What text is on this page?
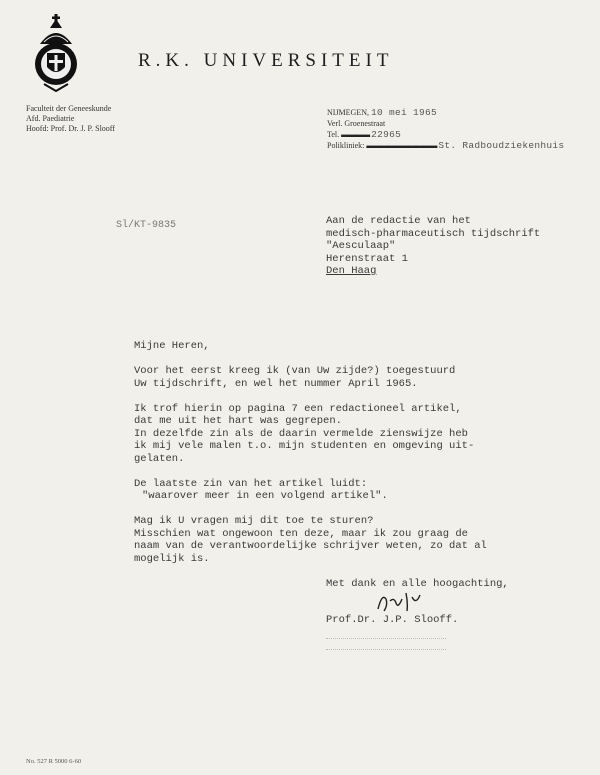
R.K. UNIVERSITEIT
Faculteit der Geneeskunde
Afd. Paediatrie
Hoofd: Prof. Dr. J. P. Slooff
NIJMEGEN, 10 mei 1965
Verl. Groenestraat
Tel. ▬▬▬▬ 22965
Polikliniek: ▬▬▬▬▬▬▬▬▬▬ St. Radboudziekenhuis
Sl/KT-9835	Aan de redactie van het
medisch-pharmaceutisch tijdschrift
"Aesculaap"
Herenstraat 1
Den Haag
Mijne Heren,
Voor het eerst kreeg ik (van Uw zijde?) toegestuurd
Uw tijdschrift, en wel het nummer April 1965.
Ik trof hierin op pagina 7 een redactioneel artikel,
dat me uit het hart was gegrepen.
In dezelfde zin als de daarin vermelde zienswijze heb
ik mij vele malen t.o. mijn studenten en omgeving uit-
gelaten.
De laatste zin van het artikel luidt:
"waarover meer in een volgend artikel".
Mag ik U vragen mij dit toe te sturen?
Misschien wat ongewoon ten deze, maar ik zou graag de
naam van de verantwoordelijke schrijver weten, zo dat al
mogelijk is.
Met dank en alle hoogachting,
Prof.Dr. J.P. Slooff.
No. 527 R 5000 6-60
